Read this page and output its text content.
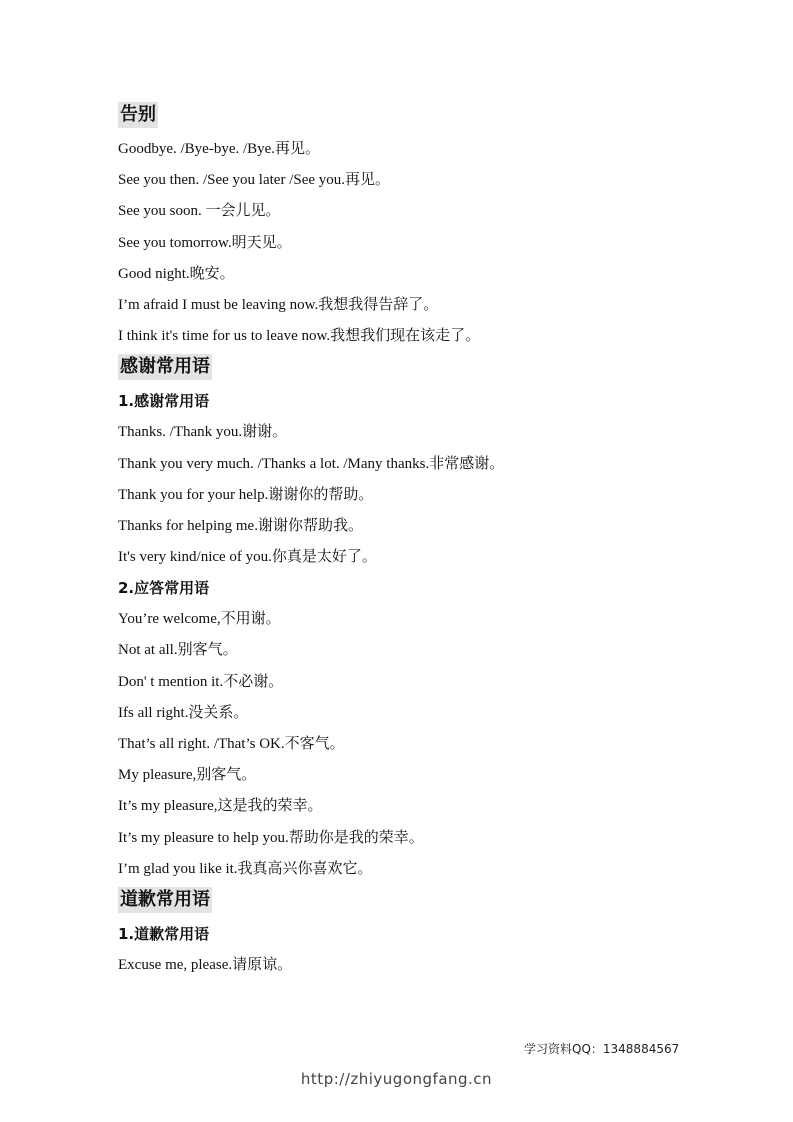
告别
Goodbye. /Bye-bye. /Bye.再见。
See you then. /See you later /See you.再见。
See you soon. 一会儿见。
See you tomorrow.明天见。
Good night.晚安。
I’m afraid I must be leaving now.我想我得告辞了。
I think it's time for us to leave now.我想我们现在该走了。
感谢常用语
1.感谢常用语
Thanks. /Thank you.谢谢。
Thank you very much. /Thanks a lot. /Many thanks.非常感谢。
Thank you for your help.谢谢你的帮助。
Thanks for helping me.谢谢你帮助我。
It's very kind/nice of you.你真是太好了。
2.应答常用语
You’re welcome,不用谢。
Not at all.别客气。
Don' t mention it.不必谢。
Ifs all right.没关系。
That’s all right. /That’s OK.不客气。
My pleasure,别客气。
It’s my pleasure,这是我的荣幸。
It’s my pleasure to help you.帮助你是我的荣幸。
I’m glad you like it.我真高兴你喜欢它。
道歉常用语
1.道歉常用语
Excuse me, please.请原谅。
学习资料QQ：1348884567
http://zhiyugongfang.cn
